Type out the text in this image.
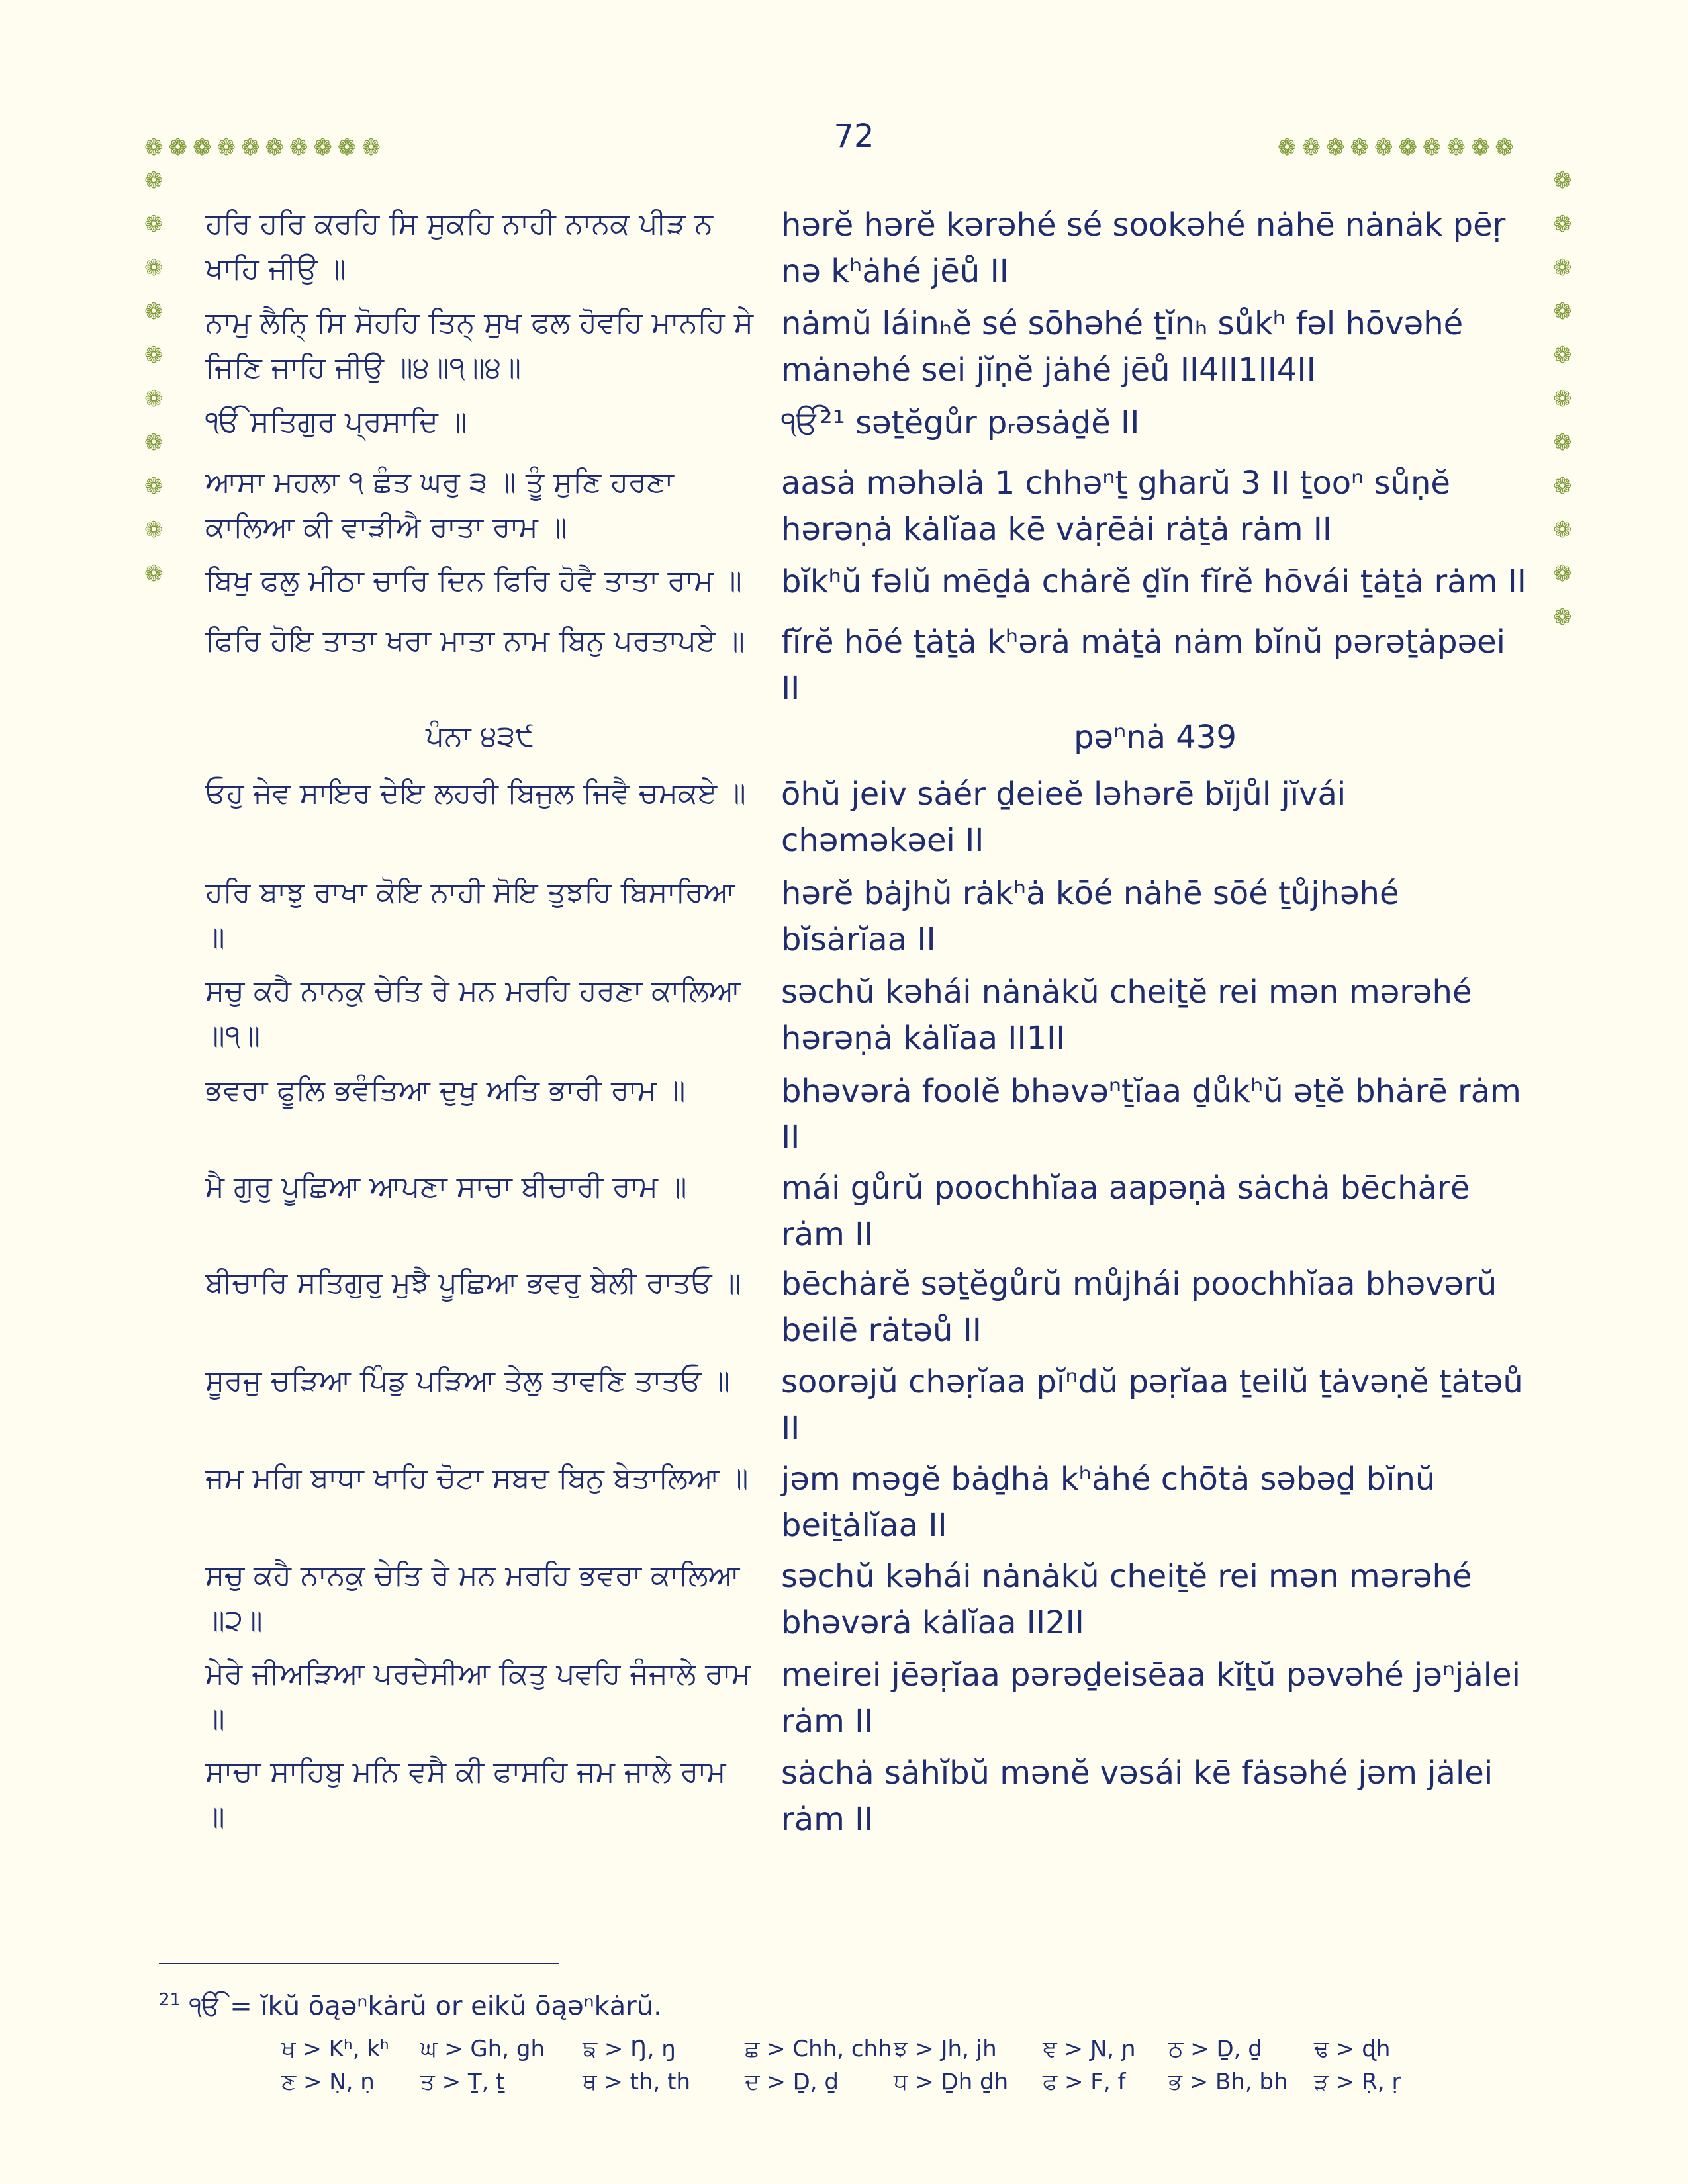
72
❁❁❁❁❁❁❁❁❁❁	❁❁❁❁❁❁❁❁❁❁
❁
❁
❁
❁
❁
❁
❁
❁
❁
❁
❁
❁
❁
❁
❁
❁
❁
❁
❁
❁
❁
ਹਰਿ ਹਰਿ ਕਰਹਿ ਸਿ ਸੁਕਹਿ ਨਾਹੀ ਨਾਨਕ ਪੀੜ ਨ ਖਾਹਿ ਜੀਉ ॥
hərĕ hərĕ kərəhé sé sookəhé nȧhē nȧnȧk pēṛ nə kʰȧhé jēů II
ਨਾਮੁ ਲੈਨਿ੍ ਸਿ ਸੋਹਹਿ ਤਿਨ੍ ਸੁਖ ਫਲ ਹੋਵਹਿ ਮਾਨਹਿ ਸੇ ਜਿਣਿ ਜਾਹਿ ਜੀਉ ॥੪॥੧॥੪॥
nȧmŭ láinₕĕ sé sōhəhé ṯĭnₕ sůkʰ fəl hōvəhé mȧnəhé sei jĭṇĕ jȧhé jēů II4II1II4II
ੴ ਸਤਿਗੁਰ ਪ੍ਰਸਾਦਿ ॥	ੴ²¹ səṯĕgůr pᵣəsȧḏĕ II
ਆਸਾ ਮਹਲਾ ੧ ਛੰਤ ਘਰੁ ੩ ॥ ਤੂੰ ਸੁਣਿ ਹਰਣਾ ਕਾਲਿਆ ਕੀ ਵਾੜੀਐ ਰਾਤਾ ਰਾਮ ॥
aasȧ məhəlȧ 1 chhəⁿṯ gharŭ 3 II ṯooⁿ sůṇĕ hərəṇȧ kȧlĭaa kē vȧṛēȧi rȧṯȧ rȧm II
ਬਿਖੁ ਫਲੁ ਮੀਠਾ ਚਾਰਿ ਦਿਨ ਫਿਰਿ ਹੋਵੈ ਤਾਤਾ ਰਾਮ ॥	bĭkʰŭ fəlŭ mēḏȧ chȧrĕ ḏĭn fĭrĕ hōvái ṯȧṯȧ rȧm II
ਫਿਰਿ ਹੋਇ ਤਾਤਾ ਖਰਾ ਮਾਤਾ ਨਾਮ ਬਿਨੁ ਪਰਤਾਪਏ ॥	fĭrĕ hōé ṯȧṯȧ kʰərȧ mȧṯȧ nȧm bĭnŭ pərəṯȧpəei II
ਪੰਨਾ ੪੩੯	pəⁿnȧ 439
ਓਹੁ ਜੇਵ ਸਾਇਰ ਦੇਇ ਲਹਰੀ ਬਿਜੁਲ ਜਿਵੈ ਚਮਕਏ ॥ ōhŭ jeiv sȧér ḏeieĕ ləhərē bĭjůl jĭvái chəməkəei II
ਹਰਿ ਬਾਝੁ ਰਾਖਾ ਕੋਇ ਨਾਹੀ ਸੋਇ ਤੁਝਹਿ ਬਿਸਾਰਿਆ ॥
hərĕ bȧjhŭ rȧkʰȧ kōé nȧhē sōé ṯůjhəhé bĭsȧrĭaa II
ਸਚੁ ਕਹੈ ਨਾਨਕੁ ਚੇਤਿ ਰੇ ਮਨ ਮਰਹਿ ਹਰਣਾ ਕਾਲਿਆ ॥੧॥
səchŭ kəhái nȧnȧkŭ cheiṯĕ rei mən mərəhé hərəṇȧ kȧlĭaa II1II
ਭਵਰਾ ਫੂਲਿ ਭਵੰਤਿਆ ਦੁਖੁ ਅਤਿ ਭਾਰੀ ਰਾਮ ॥	bhəvərȧ foolĕ bhəvəⁿṯĭaa ḏůkʰŭ əṯĕ bhȧrē rȧm II
ਮੈ ਗੁਰੁ ਪੂਛਿਆ ਆਪਣਾ ਸਾਚਾ ਬੀਚਾਰੀ ਰਾਮ ॥	mái gůrŭ poochhĭaa aapəṇȧ sȧchȧ bēchȧrē rȧm II
ਬੀਚਾਰਿ ਸਤਿਗੁਰੁ ਮੁਝੈ ਪੂਛਿਆ ਭਵਰੁ ਬੇਲੀ ਰਾਤਓ ॥	bēchȧrĕ səṯĕgůrŭ můjhái poochhĭaa bhəvərŭ beilē rȧtəů II
ਸੂਰਜੁ ਚੜਿਆ ਪਿੰਡੁ ਪੜਿਆ ਤੇਲੁ ਤਾਵਣਿ ਤਾਤਓ ॥	soorəjŭ chəṛĭaa pĭⁿdŭ pəṛĭaa ṯeilŭ ṯȧvəṇĕ ṯȧtəů II
ਜਮ ਮਗਿ ਬਾਧਾ ਖਾਹਿ ਚੋਟਾ ਸਬਦ ਬਿਨੁ ਬੇਤਾਲਿਆ ॥ jəm məgĕ bȧḏhȧ kʰȧhé chōtȧ səbəḏ bĭnŭ beiṯȧlĭaa II
ਸਚੁ ਕਹੈ ਨਾਨਕੁ ਚੇਤਿ ਰੇ ਮਨ ਮਰਹਿ ਭਵਰਾ ਕਾਲਿਆ ॥੨॥
səchŭ kəhái nȧnȧkŭ cheiṯĕ rei mən mərəhé bhəvərȧ kȧlĭaa II2II
ਮੇਰੇ ਜੀਅੜਿਆ ਪਰਦੇਸੀਆ ਕਿਤੁ ਪਵਹਿ ਜੰਜਾਲੇ ਰਾਮ ॥
meirei jēəṛĭaa pərəḏeisēaa kĭṯŭ pəvəhé jəⁿjȧlei rȧm II
ਸਾਚਾ ਸਾਹਿਬੁ ਮਨਿ ਵਸੈ ਕੀ ਫਾਸਹਿ ਜਮ ਜਾਲੇ ਰਾਮ ॥
sȧchȧ sȧhĭbŭ mənĕ vəsái kē fȧsəhé jəm jȧlei rȧm II
$^{21}$ ੴ = ĭkŭ ōąəⁿkȧrŭ or eikŭ ōąəⁿkȧrŭ.
ਖ > Kʰ, kʰ ਘ > Gh, gh ਙ > Ŋ, ŋ	ਛ > Chh, chh ਝ > Jh, jh ਞ > Ɲ, ɲ ਠ > Ḏ, ḏ ਢ > ɖh
ਣ > Ṇ, ṇ ਤ > Ṯ, ṯ	ਥ > th, th ਦ > Ḏ, ḏ ਧ > Ḏh ḏh ਫ > F, f ਭ > Bh, bh ੜ > Ṛ, ṛ
